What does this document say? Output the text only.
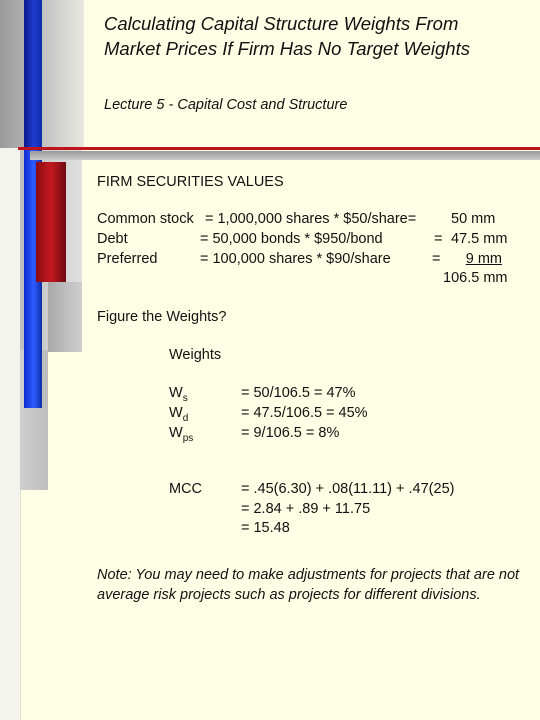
Calculating Capital Structure Weights From
Market Prices If Firm Has No Target Weights
Lecture 5 - Capital Cost and Structure
FIRM SECURITIES VALUES
Common stock = 1,000,000 shares * $50/share= 50 mm
Debt	= 50,000 bonds * $950/bond	= 47.5 mm
Preferred	= 100,000 shares * $90/share	= 9 mm
106.5 mm
Figure the Weights?
Weights
$W_s$	= 50/106.5 = 47%
$W_d$	= 47.5/106.5 = 45%
$W_{ps}$	= 9/106.5 = 8%
MCC	= .45(6.30) + .08(11.11) + .47(25)
= 2.84 + .89 + 11.75
= 15.48
Note: You may need to make adjustments for projects that are not average risk projects such as projects for different divisions.
